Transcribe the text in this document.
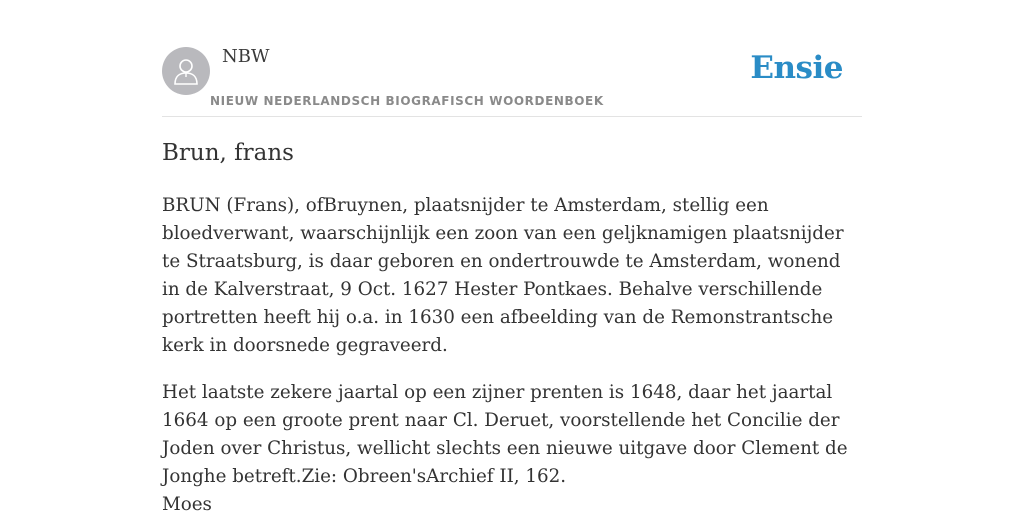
NBW
NIEUW NEDERLANDSCH BIOGRAFISCH WOORDENBOEK
Ensie
Brun, frans

BRUN (Frans), ofBruynen, plaatsnijder te Amsterdam, stellig een bloedverwant, waarschijnlijk een zoon van een geljknamigen plaatsnijder te Straatsburg, is daar geboren en ondertrouwde te Amsterdam, wonend in de Kalverstraat, 9 Oct. 1627 Hester Pontkaes. Behalve verschillende portretten heeft hij o.a. in 1630 een afbeelding van de Remonstrantsche kerk in doorsnede gegraveerd.

Het laatste zekere jaartal op een zijner prenten is 1648, daar het jaartal 1664 op een groote prent naar Cl. Deruet, voorstellende het Concilie der Joden over Christus, wellicht slechts een nieuwe uitgave door Clement de Jonghe betreft.Zie: Obreen'sArchief II, 162.

Moes
